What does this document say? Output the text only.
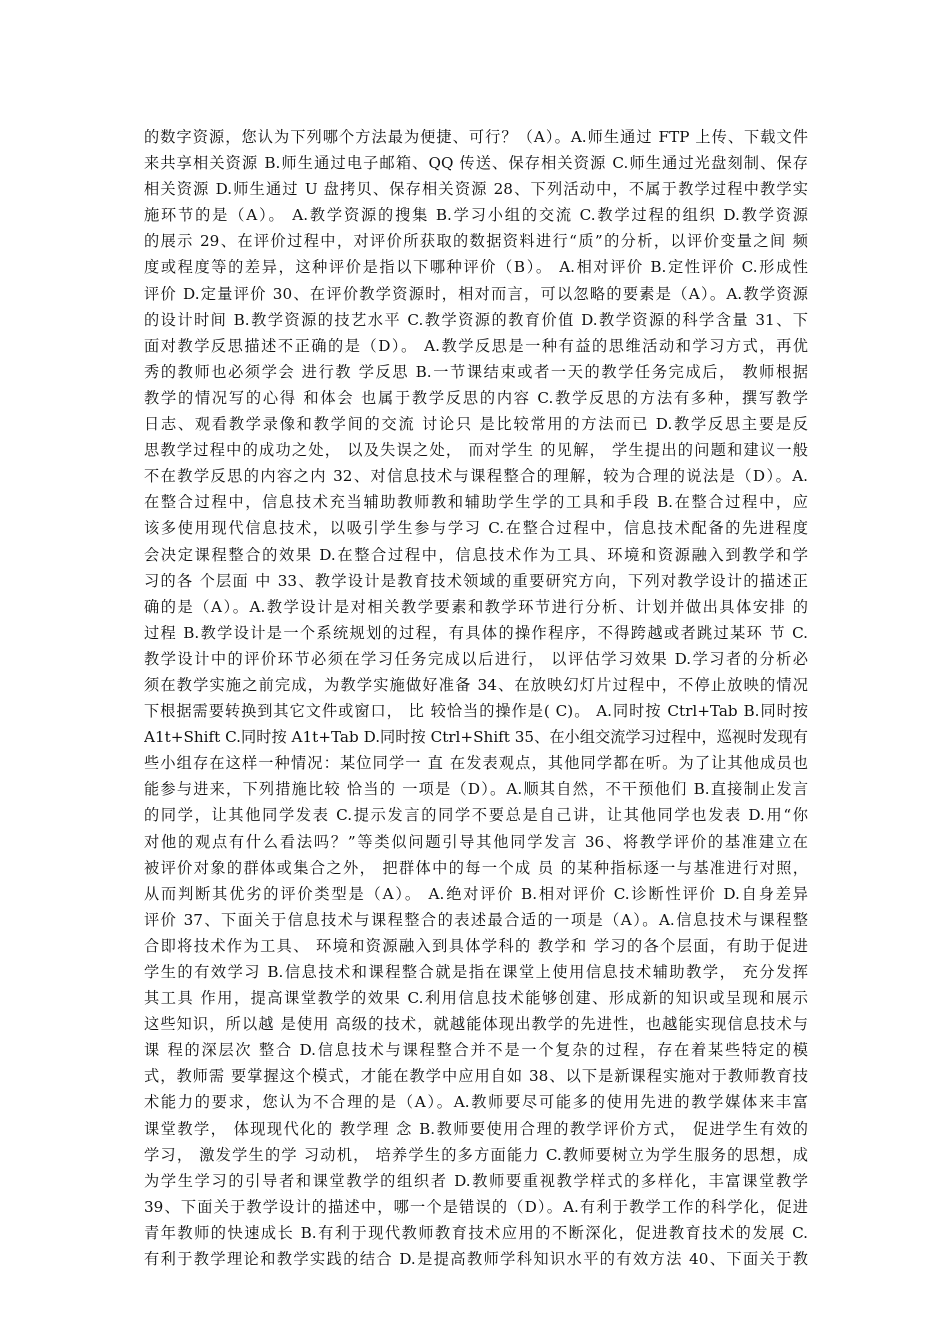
的数字资源，您认为下列哪个方法最为便捷、可行？（A）。A.师生通过 FTP 上传、下载文件
来共享相关资源 B.师生通过电子邮箱、QQ 传送、保存相关资源 C.师生通过光盘刻制、保存
相关资源 D.师生通过 U 盘拷贝、保存相关资源 28、下列活动中，不属于教学过程中教学实
施环节的是（A）。 A.教学资源的搜集 B.学习小组的交流 C.教学过程的组织 D.教学资源
的展示 29、在评价过程中，对评价所获取的数据资料进行“质”的分析，以评价变量之间 频
度或程度等的差异，这种评价是指以下哪种评价（B）。 A.相对评价 B.定性评价 C.形成性
评价 D.定量评价 30、在评价教学资源时，相对而言，可以忽略的要素是（A）。A.教学资源
的设计时间 B.教学资源的技艺水平 C.教学资源的教育价值 D.教学资源的科学含量 31、下
面对教学反思描述不正确的是（D）。 A.教学反思是一种有益的思维活动和学习方式，再优
秀的教师也必须学会 进行教 学反思 B.一节课结束或者一天的教学任务完成后， 教师根据
教学的情况写的心得 和体会 也属于教学反思的内容 C.教学反思的方法有多种，撰写教学
日志、观看教学录像和教学间的交流 讨论只 是比较常用的方法而已 D.教学反思主要是反
思教学过程中的成功之处， 以及失误之处， 而对学生 的见解， 学生提出的问题和建议一般
不在教学反思的内容之内 32、对信息技术与课程整合的理解，较为合理的说法是（D）。A.
在整合过程中，信息技术充当辅助教师教和辅助学生学的工具和手段 B.在整合过程中，应
该多使用现代信息技术，以吸引学生参与学习 C.在整合过程中，信息技术配备的先进程度
会决定课程整合的效果 D.在整合过程中，信息技术作为工具、环境和资源融入到教学和学
习的各 个层面 中 33、教学设计是教育技术领域的重要研究方向，下列对教学设计的描述正
确的是（A）。A.教学设计是对相关教学要素和教学环节进行分析、计划并做出具体安排 的
过程 B.教学设计是一个系统规划的过程，有具体的操作程序，不得跨越或者跳过某环 节 C.
教学设计中的评价环节必须在学习任务完成以后进行， 以评估学习效果 D.学习者的分析必
须在教学实施之前完成，为教学实施做好准备 34、在放映幻灯片过程中，不停止放映的情况
下根据需要转换到其它文件或窗口， 比 较恰当的操作是( C)。 A.同时按 Ctrl+Tab B.同时按
A1t+Shift C.同时按 A1t+Tab D.同时按 Ctrl+Shift 35、在小组交流学习过程中，巡视时发现有
些小组存在这样一种情况：某位同学一 直 在发表观点，其他同学都在听。为了让其他成员也
能参与进来，下列措施比较 恰当的 一项是（D）。A.顺其自然，不干预他们 B.直接制止发言
的同学，让其他同学发表 C.提示发言的同学不要总是自己讲，让其他同学也发表 D.用“你
对他的观点有什么看法吗？”等类似问题引导其他同学发言 36、将教学评价的基准建立在
被评价对象的群体或集合之外， 把群体中的每一个成 员 的某种指标逐一与基准进行对照，
从而判断其优劣的评价类型是（A）。 A.绝对评价 B.相对评价 C.诊断性评价 D.自身差异
评价 37、下面关于信息技术与课程整合的表述最合适的一项是（A）。A.信息技术与课程整
合即将技术作为工具、 环境和资源融入到具体学科的 教学和 学习的各个层面，有助于促进
学生的有效学习 B.信息技术和课程整合就是指在课堂上使用信息技术辅助教学， 充分发挥
其工具 作用，提高课堂教学的效果 C.利用信息技术能够创建、形成新的知识或呈现和展示
这些知识，所以越 是使用 高级的技术，就越能体现出教学的先进性，也越能实现信息技术与
课 程的深层次 整合 D.信息技术与课程整合并不是一个复杂的过程，存在着某些特定的模
式，教师需 要掌握这个模式，才能在教学中应用自如 38、以下是新课程实施对于教师教育技
术能力的要求，您认为不合理的是（A）。A.教师要尽可能多的使用先进的教学媒体来丰富
课堂教学， 体现现代化的 教学理 念 B.教师要使用合理的教学评价方式， 促进学生有效的
学习， 激发学生的学 习动机， 培养学生的多方面能力 C.教师要树立为学生服务的思想，成
为学生学习的引导者和课堂教学的组织者 D.教师要重视教学样式的多样化，丰富课堂教学
39、下面关于教学设计的描述中，哪一个是错误的（D）。A.有利于教学工作的科学化，促进
青年教师的快速成长 B.有利于现代教师教育技术应用的不断深化，促进教育技术的发展 C.
有利于教学理论和教学实践的结合 D.是提高教师学科知识水平的有效方法 40、下面关于教
